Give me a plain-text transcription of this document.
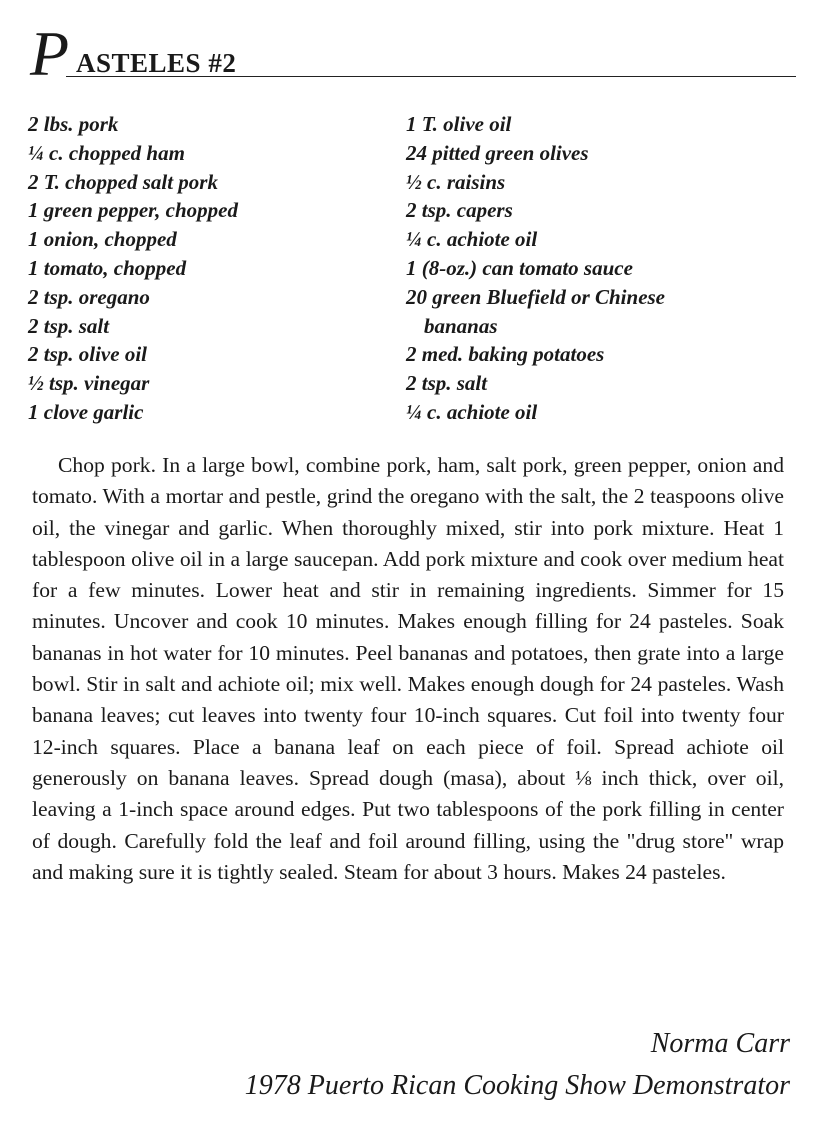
P ASTELES #2
2 lbs. pork
¼ c. chopped ham
2 T. chopped salt pork
1 green pepper, chopped
1 onion, chopped
1 tomato, chopped
2 tsp. oregano
2 tsp. salt
2 tsp. olive oil
½ tsp. vinegar
1 clove garlic
1 T. olive oil
24 pitted green olives
½ c. raisins
2 tsp. capers
¼ c. achiote oil
1 (8-oz.) can tomato sauce
20 green Bluefield or Chinese
bananas
2 med. baking potatoes
2 tsp. salt
¼ c. achiote oil

Chop pork. In a large bowl, combine pork, ham, salt pork, green pepper, onion and tomato. With a mortar and pestle, grind the oregano with the salt, the 2 teaspoons olive oil, the vinegar and garlic. When thoroughly mixed, stir into pork mixture. Heat 1 tablespoon olive oil in a large saucepan. Add pork mixture and cook over medium heat for a few minutes. Lower heat and stir in remaining ingredients. Simmer for 15 minutes. Uncover and cook 10 minutes. Makes enough filling for 24 pasteles. Soak bananas in hot water for 10 minutes. Peel bananas and potatoes, then grate into a large bowl. Stir in salt and achiote oil; mix well. Makes enough dough for 24 pasteles. Wash banana leaves; cut leaves into twenty four 10-inch squares. Cut foil into twenty four 12-inch squares. Place a banana leaf on each piece of foil. Spread achiote oil generously on banana leaves. Spread dough (masa), about ⅛ inch thick, over oil, leaving a 1-inch space around edges. Put two tablespoons of the pork filling in center of dough. Carefully fold the leaf and foil around filling, using the "drug store" wrap and making sure it is tightly sealed. Steam for about 3 hours. Makes 24 pasteles.

Norma Carr
1978 Puerto Rican Cooking Show Demonstrator
